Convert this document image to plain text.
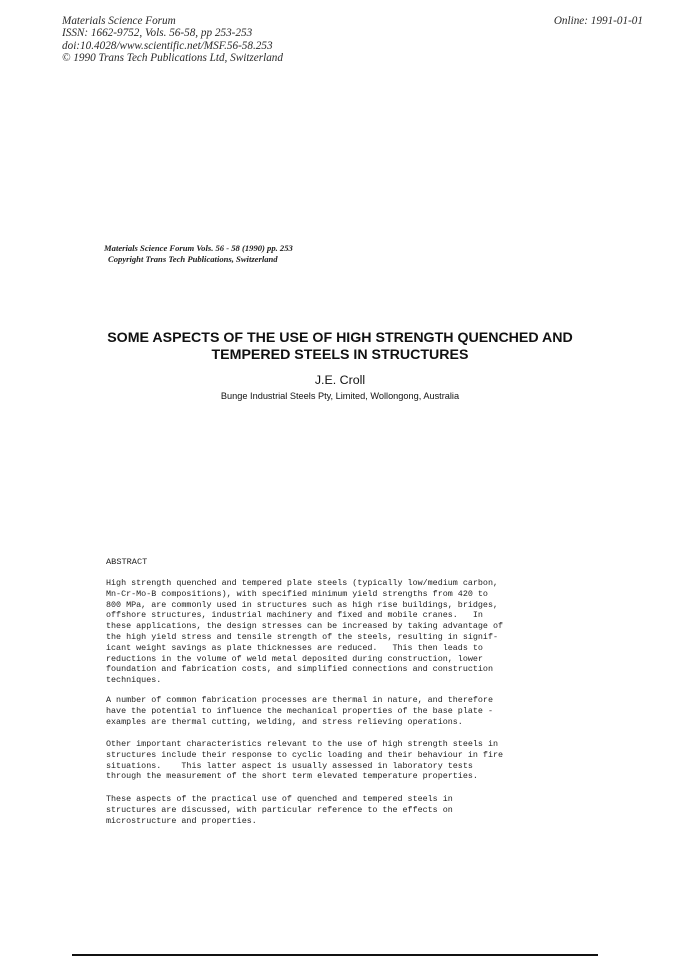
Materials Science Forum
ISSN: 1662-9752, Vols. 56-58, pp 253-253
doi:10.4028/www.scientific.net/MSF.56-58.253
© 1990 Trans Tech Publications Ltd, Switzerland
Online: 1991-01-01
Materials Science Forum Vols. 56 - 58 (1990) pp. 253
Copyright Trans Tech Publications, Switzerland
SOME ASPECTS OF THE USE OF HIGH STRENGTH QUENCHED AND
TEMPERED STEELS IN STRUCTURES
J.E. Croll
Bunge Industrial Steels Pty, Limited, Wollongong, Australia
ABSTRACT
High strength quenched and tempered plate steels (typically low/medium carbon,
Mn-Cr-Mo-B compositions), with specified minimum yield strengths from 420 to
800 MPa, are commonly used in structures such as high rise buildings, bridges,
offshore structures, industrial machinery and fixed and mobile cranes.   In
these applications, the design stresses can be increased by taking advantage of
the high yield stress and tensile strength of the steels, resulting in signif-
icant weight savings as plate thicknesses are reduced.   This then leads to
reductions in the volume of weld metal deposited during construction, lower
foundation and fabrication costs, and simplified connections and construction
techniques.
A number of common fabrication processes are thermal in nature, and therefore
have the potential to influence the mechanical properties of the base plate -
examples are thermal cutting, welding, and stress relieving operations.
Other important characteristics relevant to the use of high strength steels in
structures include their response to cyclic loading and their behaviour in fire
situations.    This latter aspect is usually assessed in laboratory tests
through the measurement of the short term elevated temperature properties.
These aspects of the practical use of quenched and tempered steels in
structures are discussed, with particular reference to the effects on
microstructure and properties.
